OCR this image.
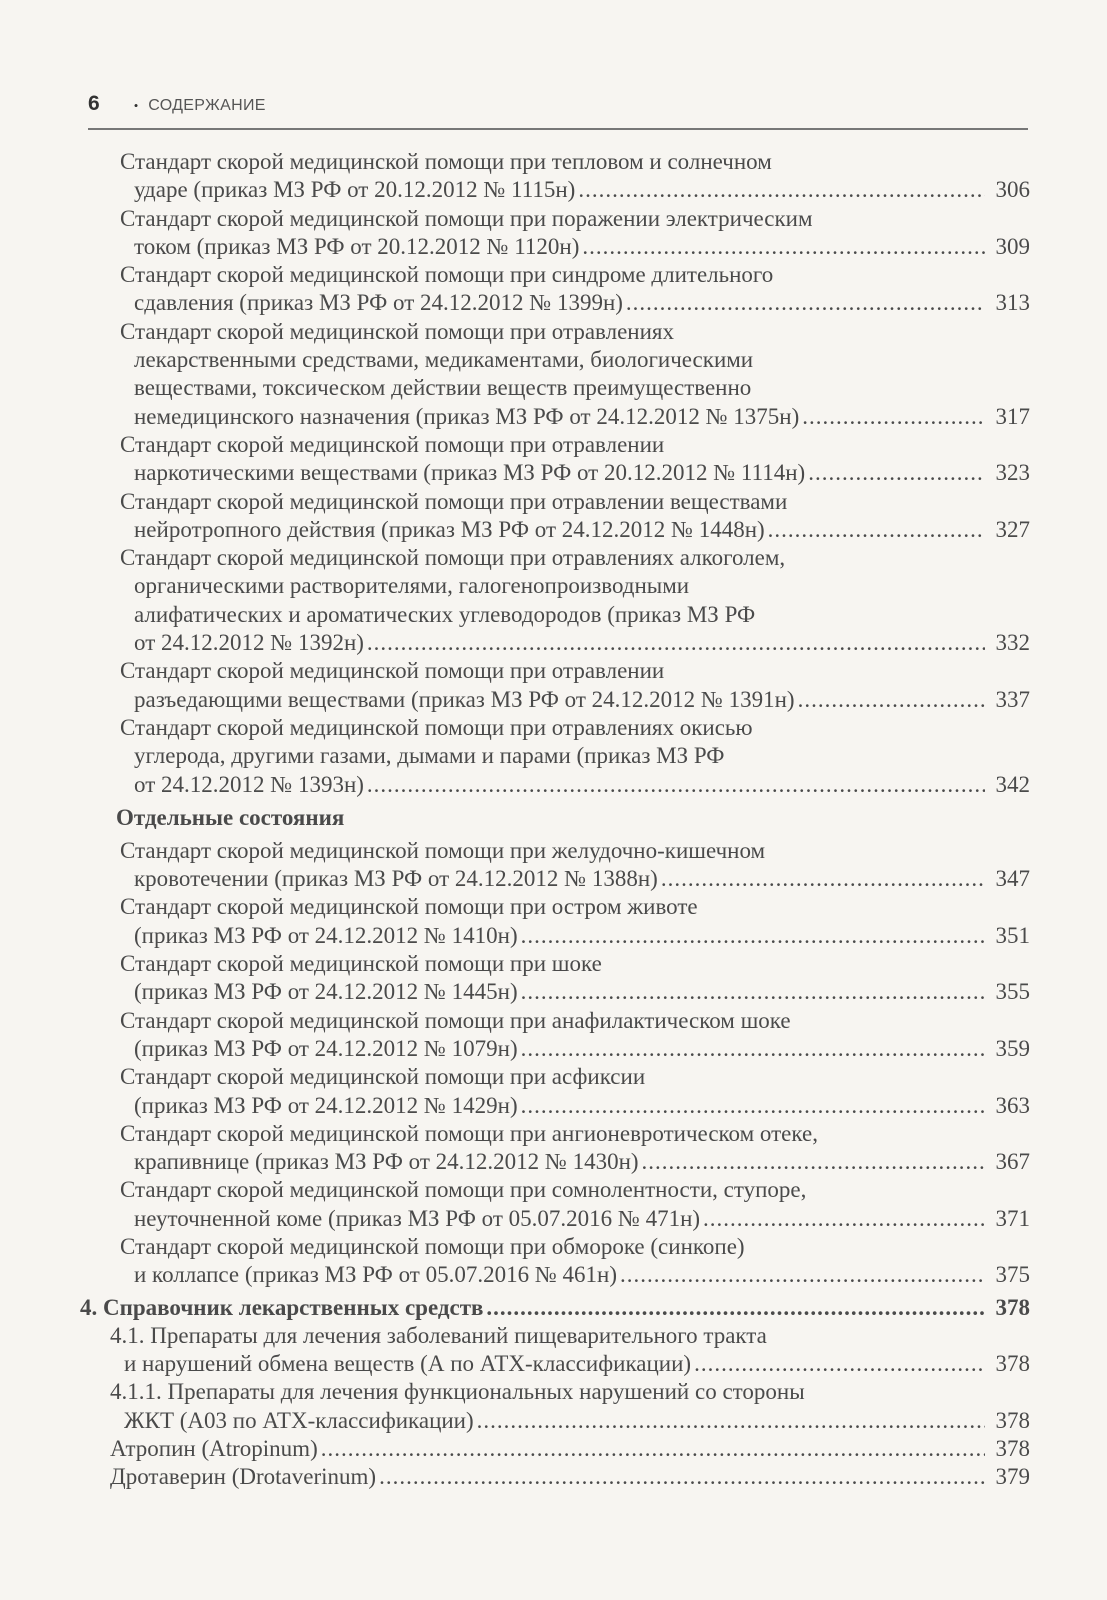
6	• СОДЕРЖАНИЕ
Стандарт скорой медицинской помощи при тепловом и солнечном
ударе (приказ МЗ РФ от 20.12.2012 № 1115н) .....	306
Стандарт скорой медицинской помощи при поражении электрическим
током (приказ МЗ РФ от 20.12.2012 № 1120н) .....	309
Стандарт скорой медицинской помощи при синдроме длительного
сдавления (приказ МЗ РФ от 24.12.2012 № 1399н) .....	313
Стандарт скорой медицинской помощи при отравлениях
лекарственными средствами, медикаментами, биологическими
веществами, токсическом действии веществ преимущественно
немедицинского назначения (приказ МЗ РФ от 24.12.2012 № 1375н) .....	317
Стандарт скорой медицинской помощи при отравлении
наркотическими веществами (приказ МЗ РФ от 20.12.2012 № 1114н) .....	323
Стандарт скорой медицинской помощи при отравлении веществами
нейротропного действия (приказ МЗ РФ от 24.12.2012 № 1448н) .....	327
Стандарт скорой медицинской помощи при отравлениях алкоголем,
органическими растворителями, галогенопроизводными
алифатических и ароматических углеводородов (приказ МЗ РФ
от 24.12.2012 № 1392н) .....	332
Стандарт скорой медицинской помощи при отравлении
разъедающими веществами (приказ МЗ РФ от 24.12.2012 № 1391н) .....	337
Стандарт скорой медицинской помощи при отравлениях окисью
углерода, другими газами, дымами и парами (приказ МЗ РФ
от 24.12.2012 № 1393н) .....	342
Отдельные состояния
Стандарт скорой медицинской помощи при желудочно-кишечном
кровотечении (приказ МЗ РФ от 24.12.2012 № 1388н) .....	347
Стандарт скорой медицинской помощи при остром животе
(приказ МЗ РФ от 24.12.2012 № 1410н) .....	351
Стандарт скорой медицинской помощи при шоке
(приказ МЗ РФ от 24.12.2012 № 1445н) .....	355
Стандарт скорой медицинской помощи при анафилактическом шоке
(приказ МЗ РФ от 24.12.2012 № 1079н) .....	359
Стандарт скорой медицинской помощи при асфиксии
(приказ МЗ РФ от 24.12.2012 № 1429н) .....	363
Стандарт скорой медицинской помощи при ангионевротическом отеке,
крапивнице (приказ МЗ РФ от 24.12.2012 № 1430н) .....	367
Стандарт скорой медицинской помощи при сомнолентности, ступоре,
неуточненной коме (приказ МЗ РФ от 05.07.2016 № 471н) .....	371
Стандарт скорой медицинской помощи при обмороке (синкопе)
и коллапсе (приказ МЗ РФ от 05.07.2016 № 461н) .....	375
4. Справочник лекарственных средств .....	378
4.1. Препараты для лечения заболеваний пищеварительного тракта
и нарушений обмена веществ (А по АТХ-классификации) .....	378
4.1.1. Препараты для лечения функциональных нарушений со стороны
ЖКТ (А03 по АТХ-классификации) .....	378
Атропин (Atropinum) .....	378
Дротаверин (Drotaverinum) .....	379
